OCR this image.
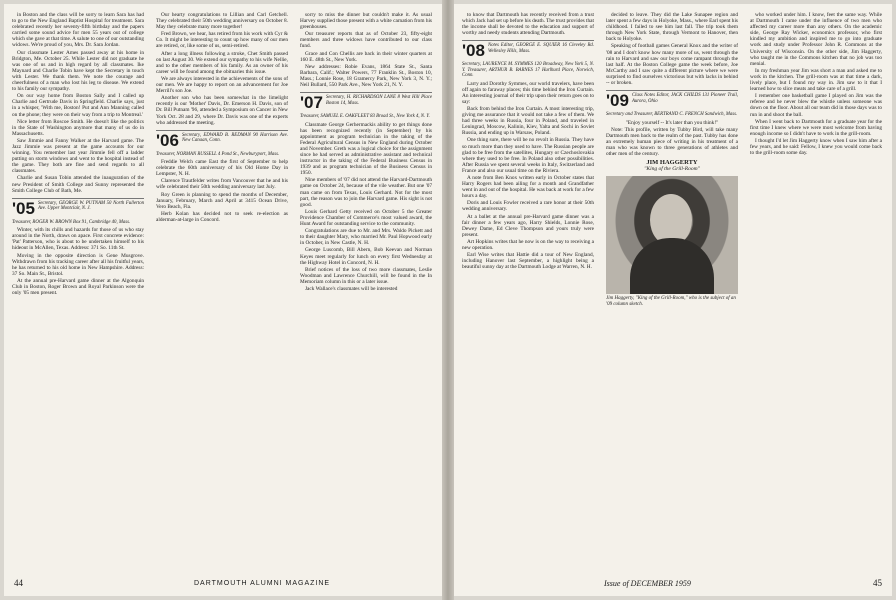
in Boston and the class will be sorry to learn Sara has had to go to the New England Baptist Hospital for treatment. Sara celebrated recently her seventy-fifth birthday and the papers carried some sound advice for men 55 years out of college which she gave at that time. A salute to one of our outstanding widows. We're proud of you, Mrs. Dr. Sara Jordan.

Our classmate Lester Ames passed away at his home in Bridgton, Me. October 25. While Lester did not graduate he was one of us and in high regard by all classmates. Ike Maynard and Charlie Tobin have kept the Secretary in touch with Lester. We thank them. We note the courage and cheerfulness of a man who lost his leg to disease. We extend to his family our sympathy.

On our way home from Boston Sally and I called up Charlie and Gertrude Davis in Springfield. Charlie says, just in a whisper, 'With me, Boston! Put and Ann Manning called on the phone; they were on their way from a trip to Montreal.'

Nice letter from Roscoe Smith. He doesn't like the politics in the State of Washington anymore that many of us do in Massachusetts.

Saw Jimmie and Fanny Walker at the Harvard game. The Jazz Jimmie was present at the game accounts for our winning. You remember last year Jimmie fell off a ladder putting on storm windows and went to the hospital instead of the game. They both are fine and send regards to all classmates.

Charlie and Susan Tobin attended the inauguration of the new President of Smith College and Sunny represented the Smith College Club of Bath, Me.

'05 Secretary, GEORGE W. PUTNAM 50 North Fullerton Ave. Upper Montclair, N. J.
Treasurer, ROGER W. BROWN Box 91, Cambridge 40, Mass.

Winter, with its chills and hazards for those of us who stay around in the North, draws on apace. First concrete evidence: 'Pat' Patterson, who is about to be undertaken himself to his hideout in McAllen, Texas. Address: 371 So. 11th St.

Moving in the opposite direction is Gene Musgrove. Withdrawn from his tracking career after all his fruitful years, he has returned to his old home in New Hampshire. Address: 37 So. Main St., Bristol.

At the annual pre-Harvard game dinner at the Algonquin Club in Boston, Roger Brown and Royal Parkinson were the only '05 men present.

Our hearty congratulations to Lillian and Carl Getchell. They celebrated their 50th wedding anniversary on October 8. May they celebrate many more together!

Fred Brown, we hear, has retired from his work with Cyr & Co. It might be interesting to count up how many of our men are retired, or, like some of us, semi-retired.

After a long illness following a stroke, Chet Smith passed on last August 30. We extend our sympathy to his wife Nellie, and to the other members of his family. As an owner of his career will be found among the obituaries this issue.

We are always interested in the achievements of the sons of our men. We are happy to report on an advancement for Joe Merrill's son Joe.

Another son who has been somewhat in the limelight recently is our 'Mother' Davis, Dr. Emerson H. Davis, son of Dr. Bill Putnam '96, attended a Symposium on Cancer in New York Oct. 28 and 29, where Dr. Davis was one of the experts who addressed the meeting.

'06 Secretary, EDWARD B. REDMAN 90 Harrison Ave. New Canaan, Conn.
Treasurer, NORMAN RUSSELL 4 Pond St., Newburyport, Mass.

Freddie Welch came East the first of September to help celebrate the 60th anniversary of his Old Home Day in Lempster, N. H.

Clarence Trautfelder writes from Vancouver that he and his wife celebrated their 50th wedding anniversary last July.

Roy Green is planning to spend the months of December, January, February, March and April at 3415 Ocean Drive, Vero Beach, Fla.

Herb Kolan has decided not to seek re-election as alderman-at-large in Concord.

sorry to miss the dinner but couldn't make it. As usual Harvey supplied those present with a white carnation from his greenhouses.

Our treasurer reports that as of October 23, fifty-eight members and three widows have contributed to our class fund.

Grace and Con Chellis are back in their winter quarters at 160 E. 48th St., New York.

New addresses: Robie Evans, 1864 State St., Santa Barbara, Calif.; Walter Powers, 77 Franklin St., Boston 10, Mass.; Lonnie Rose, 18 Gramercy Park, New York 3, N. Y.; Neil Bullard, 550 Park Ave., New York 21, N. Y.

'07 Secretary, H. RICHARDSON LANE 8 West Hill Place Boston 14, Mass.
Treasurer, SAMUEL E. OAKFLEET 83 Broad St., New York 4, N. Y.

Classmate George Gerhermackis ability to get things done has been recognized recently (in September) by his appointment as program technician in the taking of the Federal Agricultural Census in New England during October and November. Greth was a logical choice for the assignment since he had served as administrative assistant and technical instructor in the taking of the Federal Business Census in 1939 and as program technician of the Business Census in 1950.

Nine members of '07 did not attend the Harvard-Dartmouth game on October 24, because of the vile weather. But one '07 man came on from Texas, Louis Gerhard. Not for the most part, the reason was to join the Harvard game. His sight is not good.

Louis Gerhard Getty received on October 5 the Greater Providence Chamber of Commerce's most valued award, the Hunt Award for outstanding service to the community.

Congratulations are due to Mr. and Mrs. Waldo Pickett and to their daughter Mary, who married Mr. Paul Hopwood early in October, in New Castle, N. H.

George Luscomb, Bill Abern, Bob Keevan and Norman Keyes meet regularly for lunch on every first Wednesday at the Highway Hotel in Concord, N. H.

Brief notices of the loss of two more classmates, Leslie Woodman and Lawrence Churchill, will be found in the In Memoriam column in this or a later issue.

Jack Wallace's classmates will be interested

44	DARTMOUTH ALUMNI MAGAZINE

to know that Dartmouth has recently received from a trust which Jack had set up before his death. The trust provides that the income shall be devoted to the education and support of worthy and needy students attending Dartmouth.

'08 Notes Editor, GEORGE E. SQUIER 16 Cleveley Rd. Wellesley Hills, Mass.
Secretary, LAURENCE M. SYMMES 120 Broadway, New York 5, N. Y. Treasurer, ARTHUR B. BARNES 17 Hurlhurd Place, Norwich, Conn.

Larry and Dorothy Symmes, our world travelers, have been off again to faraway places; this time behind the Iron Curtain. An interesting journal of their trip upon their return goes on to say:

Back from behind the Iron Curtain. A most interesting trip, giving me assurance that it would not take a few of them. We had three weeks in Russia, four in Poland, and traveled in Leningrad, Moscow, Kalinin, Kiev, Yalta and Sochi in Soviet Russia, and ending up in Warsaw, Poland.

One thing sure, there will be no revolt in Russia. They have so much more than they used to have. The Russian people are glad to be free from the satellites, Hungary or Czechoslovakia where they used to be free. In Poland also other possibilities. After Russia we spent several weeks in Italy, Switzerland and France and also our usual time on the Riviera.

A note from Ben Knox written early in October states that Harry Rogers had been ailing for a month and Grandfather went in and out of the hospital. He was back at work for a few hours a day.

Doris and Louis Fowler received a rare honor at their 50th wedding anniversary.

At a ballet at the annual pre-Harvard game dinner was a fair dinner a few years ago, Harry Shields, Lonnie Rose, Dewey Dame, Ed Cleve Thompson and yours truly were present.

Art Hopkins writes that he now is on the way to receiving a new operation.

Earl Wise writes that Hattie did a tour of New England, including Hanover last September, a highlight being a beautiful sunny day at the Dartmouth Lodge at Warren, N. H.

decided to leave. They did the Lake Sunapee region and later spent a few days in Holyoke, Mass., where Earl spent his childhood. I failed to see him last fall. The trip took them through New York State, through Vermont to Hanover, then back to Holyoke.

Speaking of football games General Knox and the writer of '08 and I don't know how many more of us, went through the rain to Harvard and saw our boys come rampant through the last half. At the Boston College game the week before, Joe McCarthy and I saw quite a different picture where we were surprised to find ourselves victorious but with lacks in behind -- or broken.

'09 Class Notes Editor, JACK CHILDS 131 Pioneer Trail, Aurora, Ohio
Secretary and Treasurer, BERTRAND C. FRENCH Sandwich, Mass.

"Enjoy yourself -- It's later than you think!"

Note: This profile, written by Tubby Bird, will take many Dartmouth men back to the realm of the past. Tubby has done an extremely human piece of writing in his treatment of a man who was known to three generations of athletes and other men of the century.

JIM HAGGERTY
"King of the Grill-Room"
Jim Haggerty, "King of the Grill-Room," who is the subject of an '09 column sketch.

who worked under him. I know, feet the same way. While at Dartmouth I came under the influence of two men who affected my career more than any others. On the academic side, George Ray Wicker, economics professor, who first kindled my ambition and inspired me to go into graduate work and study under Professor John R. Commons at the University of Wisconsin. On the other side, Jim Haggerty, who taught me in the Commons kitchen that no job was too menial.

In my freshman year Jim was short a man and asked me to work in the kitchen. The grill-room was at that time a dark, lively place, but I found my way in. Jim saw to it that I learned how to slice meats and take care of a grill.

I remember one basketball game I played on Jim was the referee and he never blew the whistle unless someone was down on the floor. About all our team did in those days was to run in and shoot the ball.

When I went back to Dartmouth for a graduate year for the first time I knew where we were most welcome from having enough income so I didn't have to work in the grill-room.

I thought I'd let Jim Haggerty know when I saw him after a few years, and he said: Fellow, I knew you would come back to the grill-room some day.

Issue of DECEMBER 1959	45
